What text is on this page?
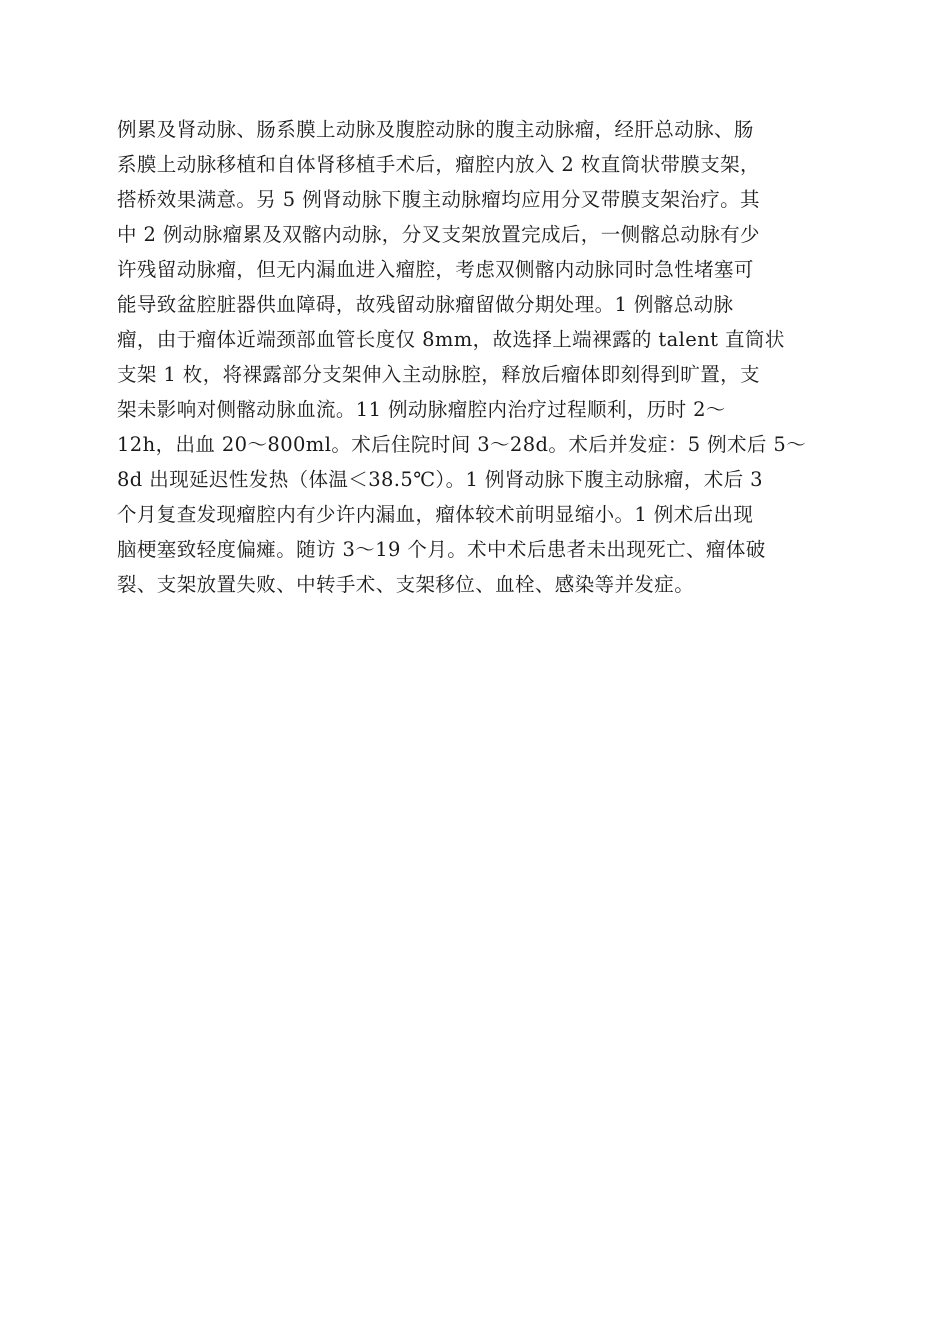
例累及肾动脉、肠系膜上动脉及腹腔动脉的腹主动脉瘤，经肝总动脉、肠
系膜上动脉移植和自体肾移植手术后，瘤腔内放入 2 枚直筒状带膜支架，
搭桥效果满意。另 5 例肾动脉下腹主动脉瘤均应用分叉带膜支架治疗。其
中 2 例动脉瘤累及双髂内动脉，分叉支架放置完成后，一侧髂总动脉有少
许残留动脉瘤，但无内漏血进入瘤腔，考虑双侧髂内动脉同时急性堵塞可
能导致盆腔脏器供血障碍，故残留动脉瘤留做分期处理。1 例髂总动脉
瘤，由于瘤体近端颈部血管长度仅 8mm，故选择上端裸露的 talent 直筒状
支架 1 枚，将裸露部分支架伸入主动脉腔，释放后瘤体即刻得到旷置，支
架未影响对侧髂动脉血流。11 例动脉瘤腔内治疗过程顺利，历时 2～
12h，出血 20～800ml。术后住院时间 3～28d。术后并发症：5 例术后 5～
8d 出现延迟性发热（体温＜38.5℃）。1 例肾动脉下腹主动脉瘤，术后 3
个月复查发现瘤腔内有少许内漏血，瘤体较术前明显缩小。1 例术后出现
脑梗塞致轻度偏瘫。随访 3～19 个月。术中术后患者未出现死亡、瘤体破
裂、支架放置失败、中转手术、支架移位、血栓、感染等并发症。
